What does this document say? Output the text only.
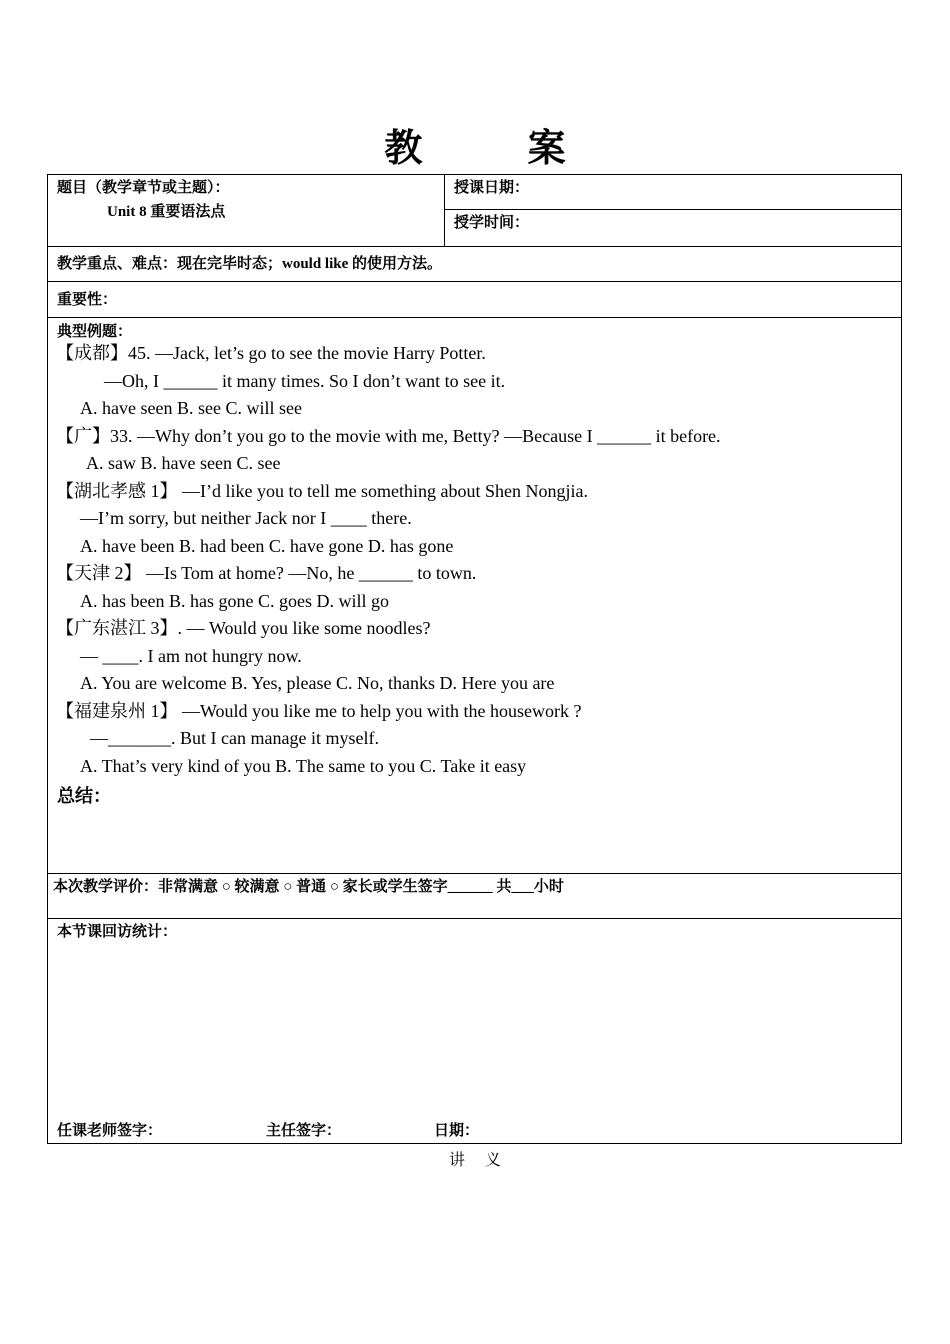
教 案
题目（教学章节或主题）：
Unit 8 重要语法点
授课日期：
授学时间：
教学重点、难点：现在完毕时态；would like 的使用方法。
重要性：
典型例题：
【成都】45. —Jack, let’s go to see the movie Harry Potter.
—Oh, I ______ it many times. So I don’t want to see it.
A. have seen B. see C. will see
【广】33. —Why don’t you go to the movie with me, Betty? —Because I ______ it before.
A. saw B. have seen C. see
【湖北孝感 1】 —I’d like you to tell me something about Shen Nongjia.
—I’m sorry, but neither Jack nor I ____ there.
A. have been B. had been C. have gone D. has gone
【天津 2】 —Is Tom at home? —No, he ______ to town.
A. has been B. has gone C. goes D. will go
【广东湛江 3】. — Would you like some noodles?
— ____. I am not hungry now.
A. You are welcome B. Yes, please C. No, thanks D. Here you are
【福建泉州 1】 —Would you like me to help you with the housework ?
—_______. But I can manage it myself.
A. That’s very kind of you B. The same to you C. Take it easy
总结：
本次教学评价：非常满意 ○ 较满意 ○ 普通 ○ 家长或学生签字______ 共___小时
本节课回访统计：
任课老师签字：	主任签字：	日期：
讲 义
